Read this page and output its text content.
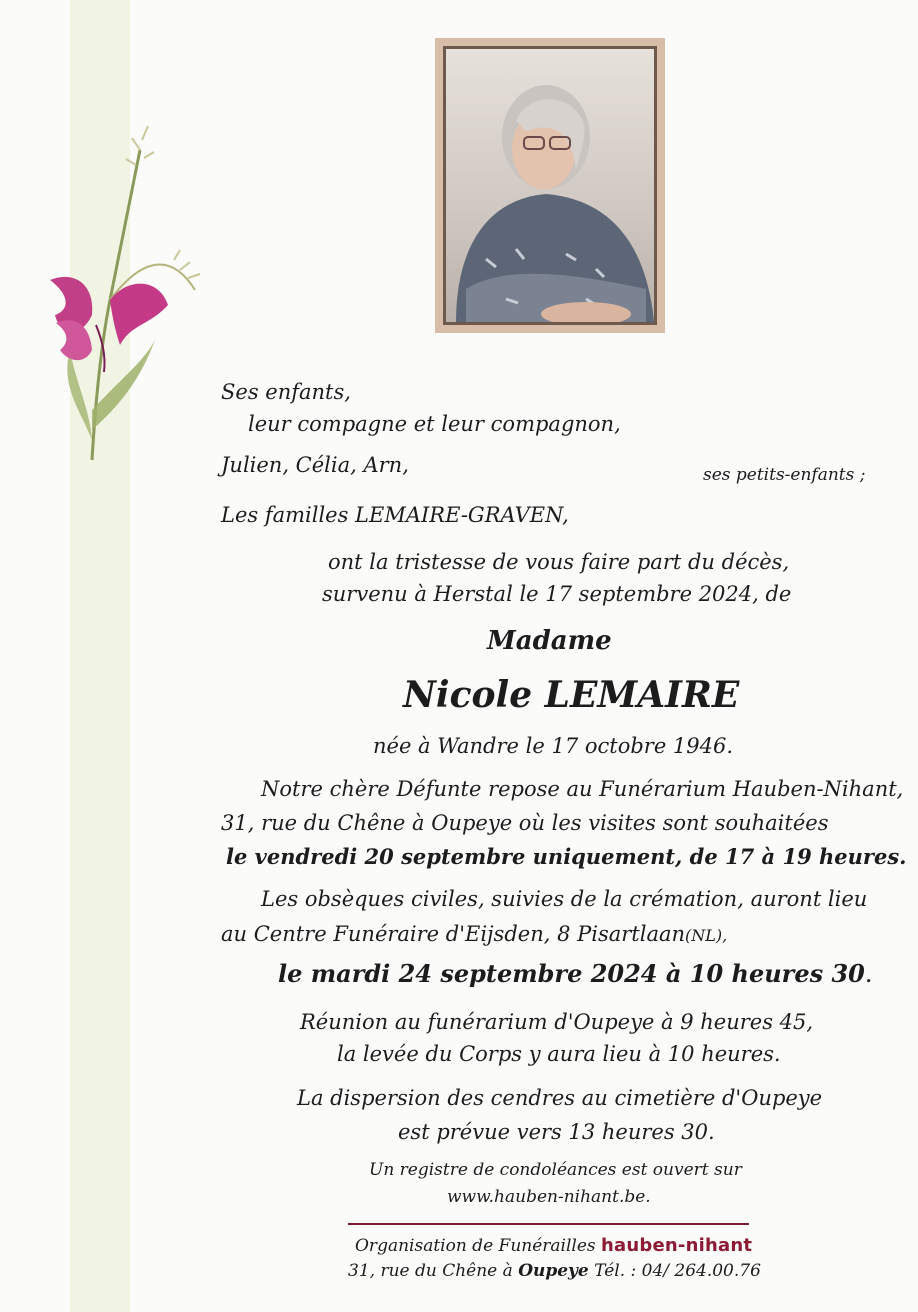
Ses enfants,
leur compagne et leur compagnon,
Julien, Célia, Arn,	ses petits-enfants ;
Les familles LEMAIRE-GRAVEN,
ont la tristesse de vous faire part du décès,
survenu à Herstal le 17 septembre 2024, de
Madame
Nicole LEMAIRE
née à Wandre le 17 octobre 1946.
Notre chère Défunte repose au Funérarium Hauben-Nihant,
31, rue du Chêne à Oupeye où les visites sont souhaitées
le vendredi 20 septembre uniquement, de 17 à 19 heures.
Les obsèques civiles, suivies de la crémation, auront lieu
au Centre Funéraire d'Eijsden, 8 Pisartlaan(NL),
le mardi 24 septembre 2024 à 10 heures 30.
Réunion au funérarium d'Oupeye à 9 heures 45,
la levée du Corps y aura lieu à 10 heures.
La dispersion des cendres au cimetière d'Oupeye
est prévue vers 13 heures 30.
Un registre de condoléances est ouvert sur
www.hauben-nihant.be.
Organisation de Funérailles hauben-nihant
31, rue du Chêne à Oupeye Tél. : 04/ 264.00.76
